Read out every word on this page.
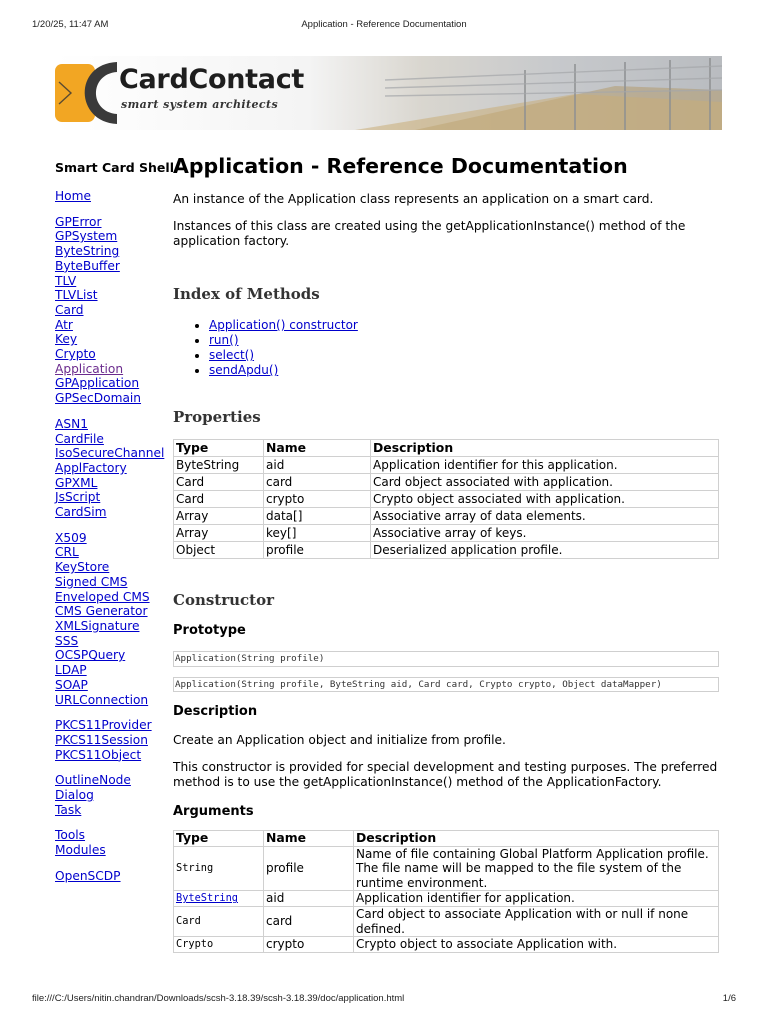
1/20/25, 11:47 AM	Application - Reference Documentation
CardContact
smart system architects
Smart Card Shell
Home
GPError
GPSystem
ByteString
ByteBuffer
TLV
TLVList
Card
Atr
Key
Crypto
Application
GPApplication
GPSecDomain
ASN1
CardFile
IsoSecureChannel
ApplFactory
GPXML
JsScript
CardSim
X509
CRL
KeyStore
Signed CMS
Enveloped CMS
CMS Generator
XMLSignature
SSS
OCSPQuery
LDAP
SOAP
URLConnection
PKCS11Provider
PKCS11Session
PKCS11Object
OutlineNode
Dialog
Task
Tools
Modules
OpenSCDP
Application - Reference Documentation

An instance of the Application class represents an application on a smart card.

Instances of this class are created using the getApplicationInstance() method of the application factory.

Index of Methods
• Application() constructor
• run()
• select()
• sendApdu()
Properties
Type	Name	Description
ByteString	aid	Application identifier for this application.
Card	card	Card object associated with application.
Card	crypto	Crypto object associated with application.
Array	data[]	Associative array of data elements.
Array	key[]	Associative array of keys.
Object	profile	Deserialized application profile.
Constructor
Prototype
Application(String profile)
Application(String profile, ByteString aid, Card card, Crypto crypto, Object dataMapper)
Description

Create an Application object and initialize from profile.

This constructor is provided for special development and testing purposes. The preferred method is to use the getApplicationInstance() method of the ApplicationFactory.

Arguments
Type	Name	Description
String	profile	Name of file containing Global Platform Application profile. The file name will be mapped to the file system of the runtime environment.
ByteString	aid	Application identifier for application.
Card	card	Card object to associate Application with or null if none defined.
Crypto	crypto	Crypto object to associate Application with.
file:///C:/Users/nitin.chandran/Downloads/scsh-3.18.39/scsh-3.18.39/doc/application.html	1/6
